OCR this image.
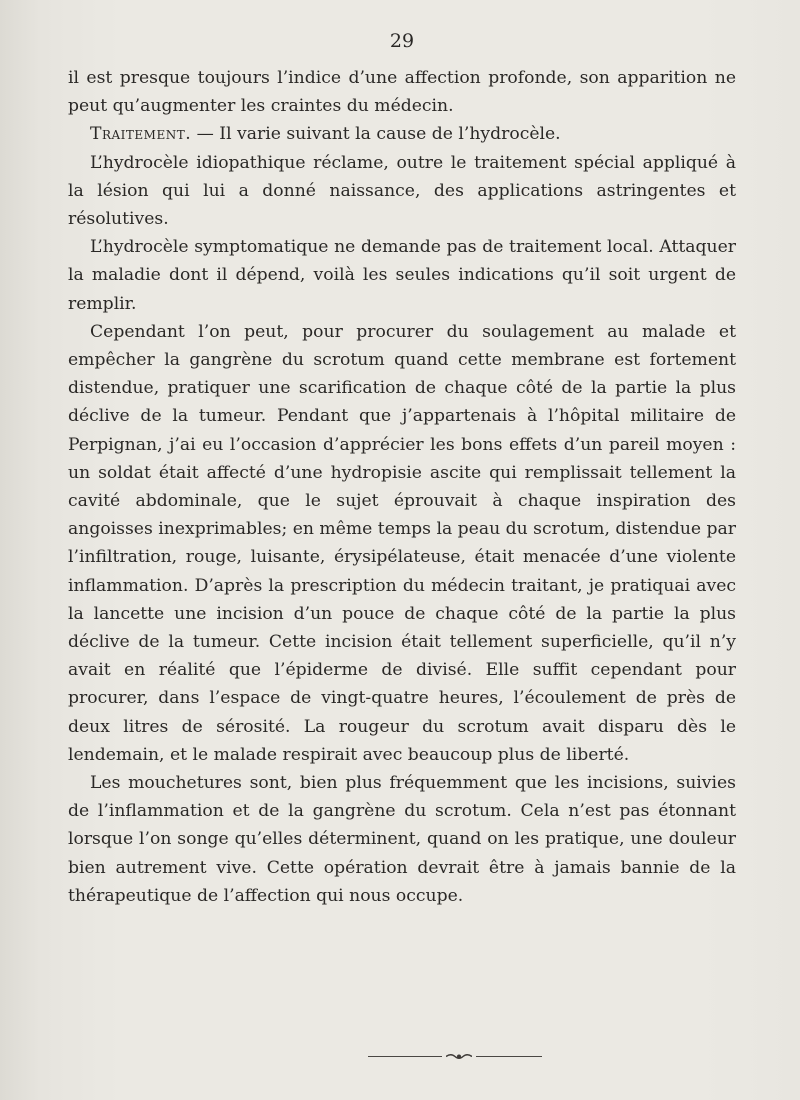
29

il est presque toujours l’indice d’une affection profonde, son apparition ne peut qu’augmenter les craintes du médecin.

Traitement. — Il varie suivant la cause de l’hydrocèle.

L’hydrocèle idiopathique réclame, outre le traitement spécial appliqué à la lésion qui lui a donné naissance, des applications astringentes et résolutives.

L’hydrocèle symptomatique ne demande pas de traitement local. Attaquer la maladie dont il dépend, voilà les seules indications qu’il soit urgent de remplir.

Cependant l’on peut, pour procurer du soulagement au malade et empêcher la gangrène du scrotum quand cette membrane est fortement distendue, pratiquer une scarification de chaque côté de la partie la plus déclive de la tumeur. Pendant que j’appartenais à l’hôpital militaire de Perpignan, j’ai eu l’occasion d’apprécier les bons effets d’un pareil moyen : un soldat était affecté d’une hydropisie ascite qui remplissait tellement la cavité abdominale, que le sujet éprouvait à chaque inspiration des angoisses inexprimables; en même temps la peau du scrotum, distendue par l’infiltration, rouge, luisante, érysipélateuse, était menacée d’une violente inflammation. D’après la prescription du médecin traitant, je pratiquai avec la lancette une incision d’un pouce de chaque côté de la partie la plus déclive de la tumeur. Cette incision était tellement superficielle, qu’il n’y avait en réalité que l’épiderme de divisé. Elle suffit cependant pour procurer, dans l’espace de vingt-quatre heures, l’écoulement de près de deux litres de sérosité. La rougeur du scrotum avait disparu dès le lendemain, et le malade respirait avec beaucoup plus de liberté.

Les mouchetures sont, bien plus fréquemment que les incisions, suivies de l’inflammation et de la gangrène du scrotum. Cela n’est pas étonnant lorsque l’on songe qu’elles déterminent, quand on les pratique, une douleur bien autrement vive. Cette opération devrait être à jamais bannie de la thérapeutique de l’affection qui nous occupe.
